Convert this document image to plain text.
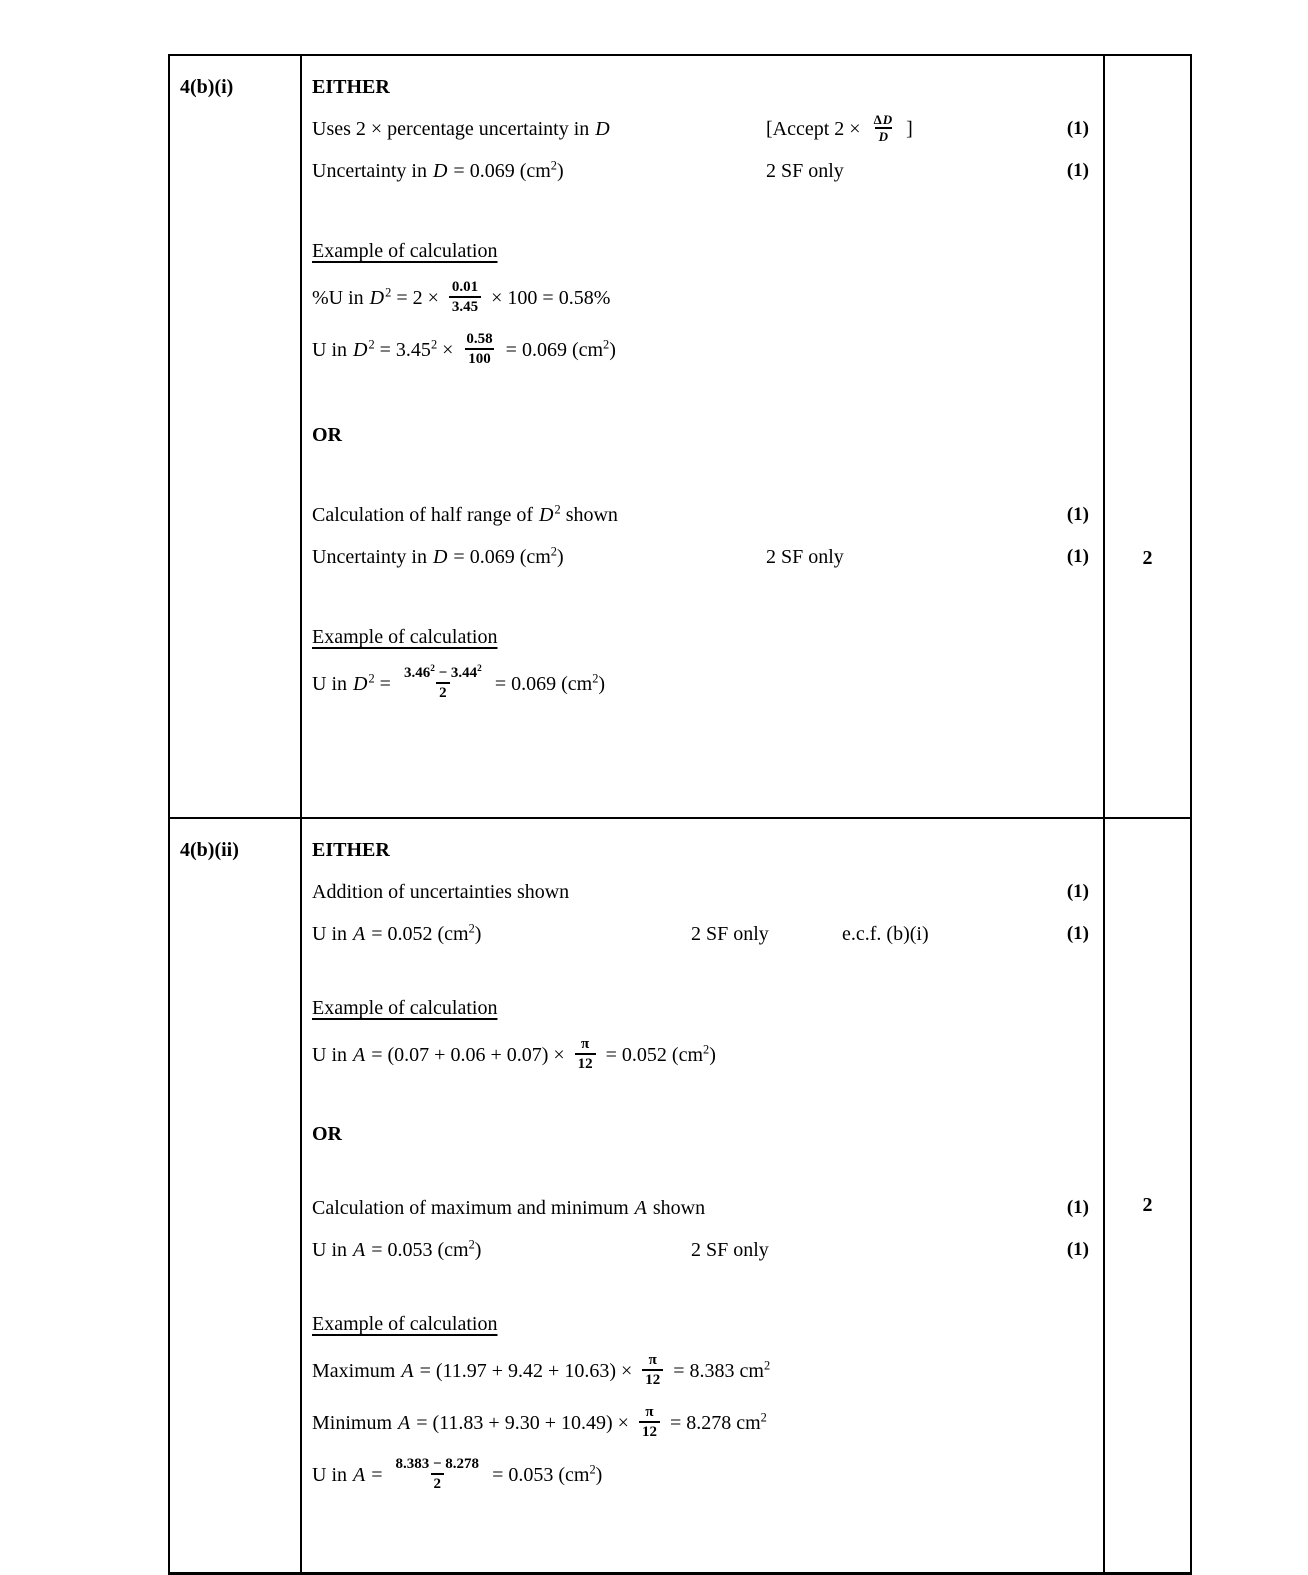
4(b)(i)	EITHER
Uses 2 × percentage uncertainty in D	[Accept $2 \times \frac{\Delta D}{D}$ ]	(1)
Uncertainty in D = 0.069 $(cm^2)$	2 SF only	(1)
Example of calculation
%U in $D^2 = 2 \times \frac{0.01}{3.45} \times 100 = 0.58\%$
U in $D^2 = 3.45^2 \times \frac{0.58}{100} = 0.069$ $(cm^2)$
OR
Calculation of half range of $D^2$ shown	(1)
Uncertainty in D = 0.069 $(cm^2)$	2 SF only	(1)
Example of calculation
U in $D^2 = \frac{3.46^2 - 3.44^2}{2} = 0.069$ $(cm^2)$

2

4(b)(ii)	EITHER
Addition of uncertainties shown	(1)
U in A = 0.052 $(cm^2)$	2 SF only	e.c.f. (b)(i)	(1)
Example of calculation
U in $A = (0.07 + 0.06 + 0.07) \times \frac{\pi}{12} = 0.052$ $(cm^2)$
OR
Calculation of maximum and minimum A shown	(1)
U in A = 0.053 $(cm^2)$	2 SF only	(1)
Example of calculation
Maximum $A = (11.97 + 9.42 + 10.63) \times \frac{\pi}{12} = 8.383$ $cm^2$
Minimum $A = (11.83 + 9.30 + 10.49) \times \frac{\pi}{12} = 8.278$ $cm^2$
U in $A = \frac{8.383 - 8.278}{2} = 0.053$ $(cm^2)$

2
